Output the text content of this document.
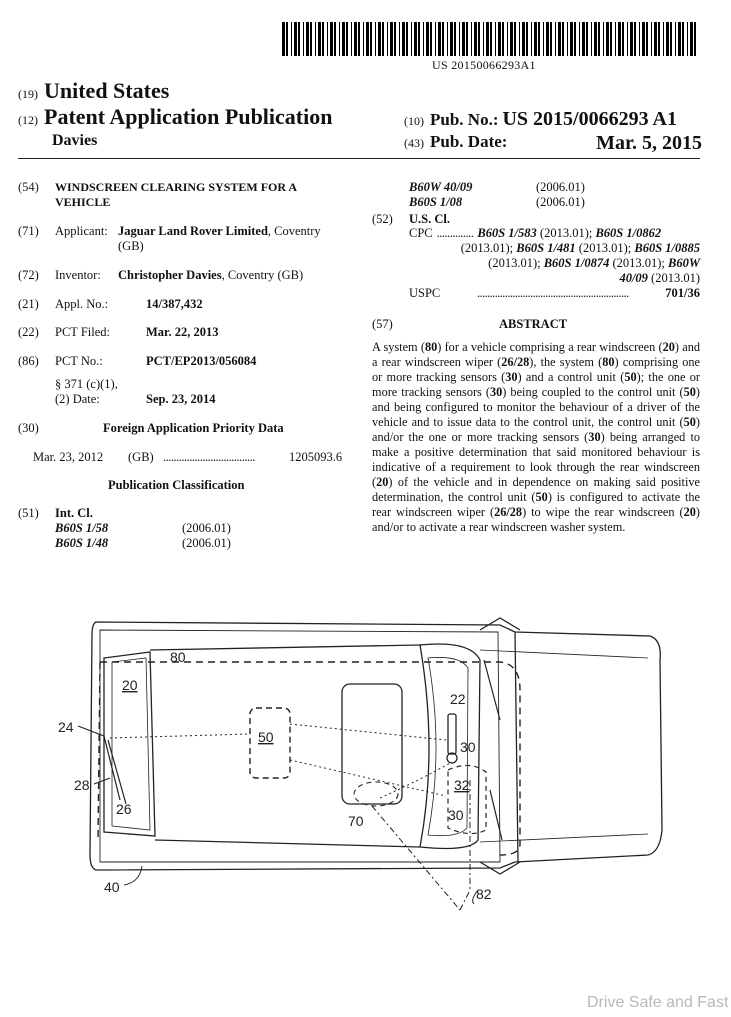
US 20150066293A1
(19) United States
(12) Patent Application Publication
Davies
(10) Pub. No.: US 2015/0066293 A1
(43) Pub. Date:	Mar. 5, 2015
(54) WINDSCREEN CLEARING SYSTEM FOR A
VEHICLE
(71) Applicant: Jaguar Land Rover Limited, Coventry
(GB)
(72) Inventor: Christopher Davies, Coventry (GB)
(21) Appl. No.:	14/387,432
(22) PCT Filed:	Mar. 22, 2013
(86) PCT No.:	PCT/EP2013/056084
§ 371 (c)(1),
(2) Date:	Sep. 23, 2014
(30)	Foreign Application Priority Data
Mar. 23, 2012 (GB) ...................................	1205093.6
Publication Classification
(51) Int. Cl.
B60S 1/58	(2006.01)
B60S 1/48	(2006.01)
B60W 40/09	(2006.01)
B60S 1/08	(2006.01)
(52) U.S. Cl.
CPC .............. B60S 1/583 (2013.01); B60S 1/0862
(2013.01); B60S 1/481 (2013.01); B60S 1/0885
(2013.01); B60S 1/0874 (2013.01); B60W
40/09 (2013.01)
USPC	............................................................	701/36
(57)	ABSTRACT
A system (80) for a vehicle comprising a rear windscreen (20) and a rear windscreen wiper (26/28), the system (80) comprising one or more tracking sensors (30) and a control unit (50); the one or more tracking sensors (30) being coupled to the control unit (50) and being configured to monitor the behaviour of a driver of the vehicle and to issue data to the control unit, the control unit (50) and/or the one or more tracking sensors (30) being arranged to make a positive determination that said monitored behaviour is indicative of a requirement to look through the rear windscreen (20) of the vehicle and in dependence on making said positive determination, the control unit (50) is configured to activate the rear windscreen wiper (26/28) to wipe the rear windscreen (20) and/or to activate a rear windscreen washer system.
80
20
24
50
22
30
32
30
28
26
70
40	82
Drive Safe and Fast
